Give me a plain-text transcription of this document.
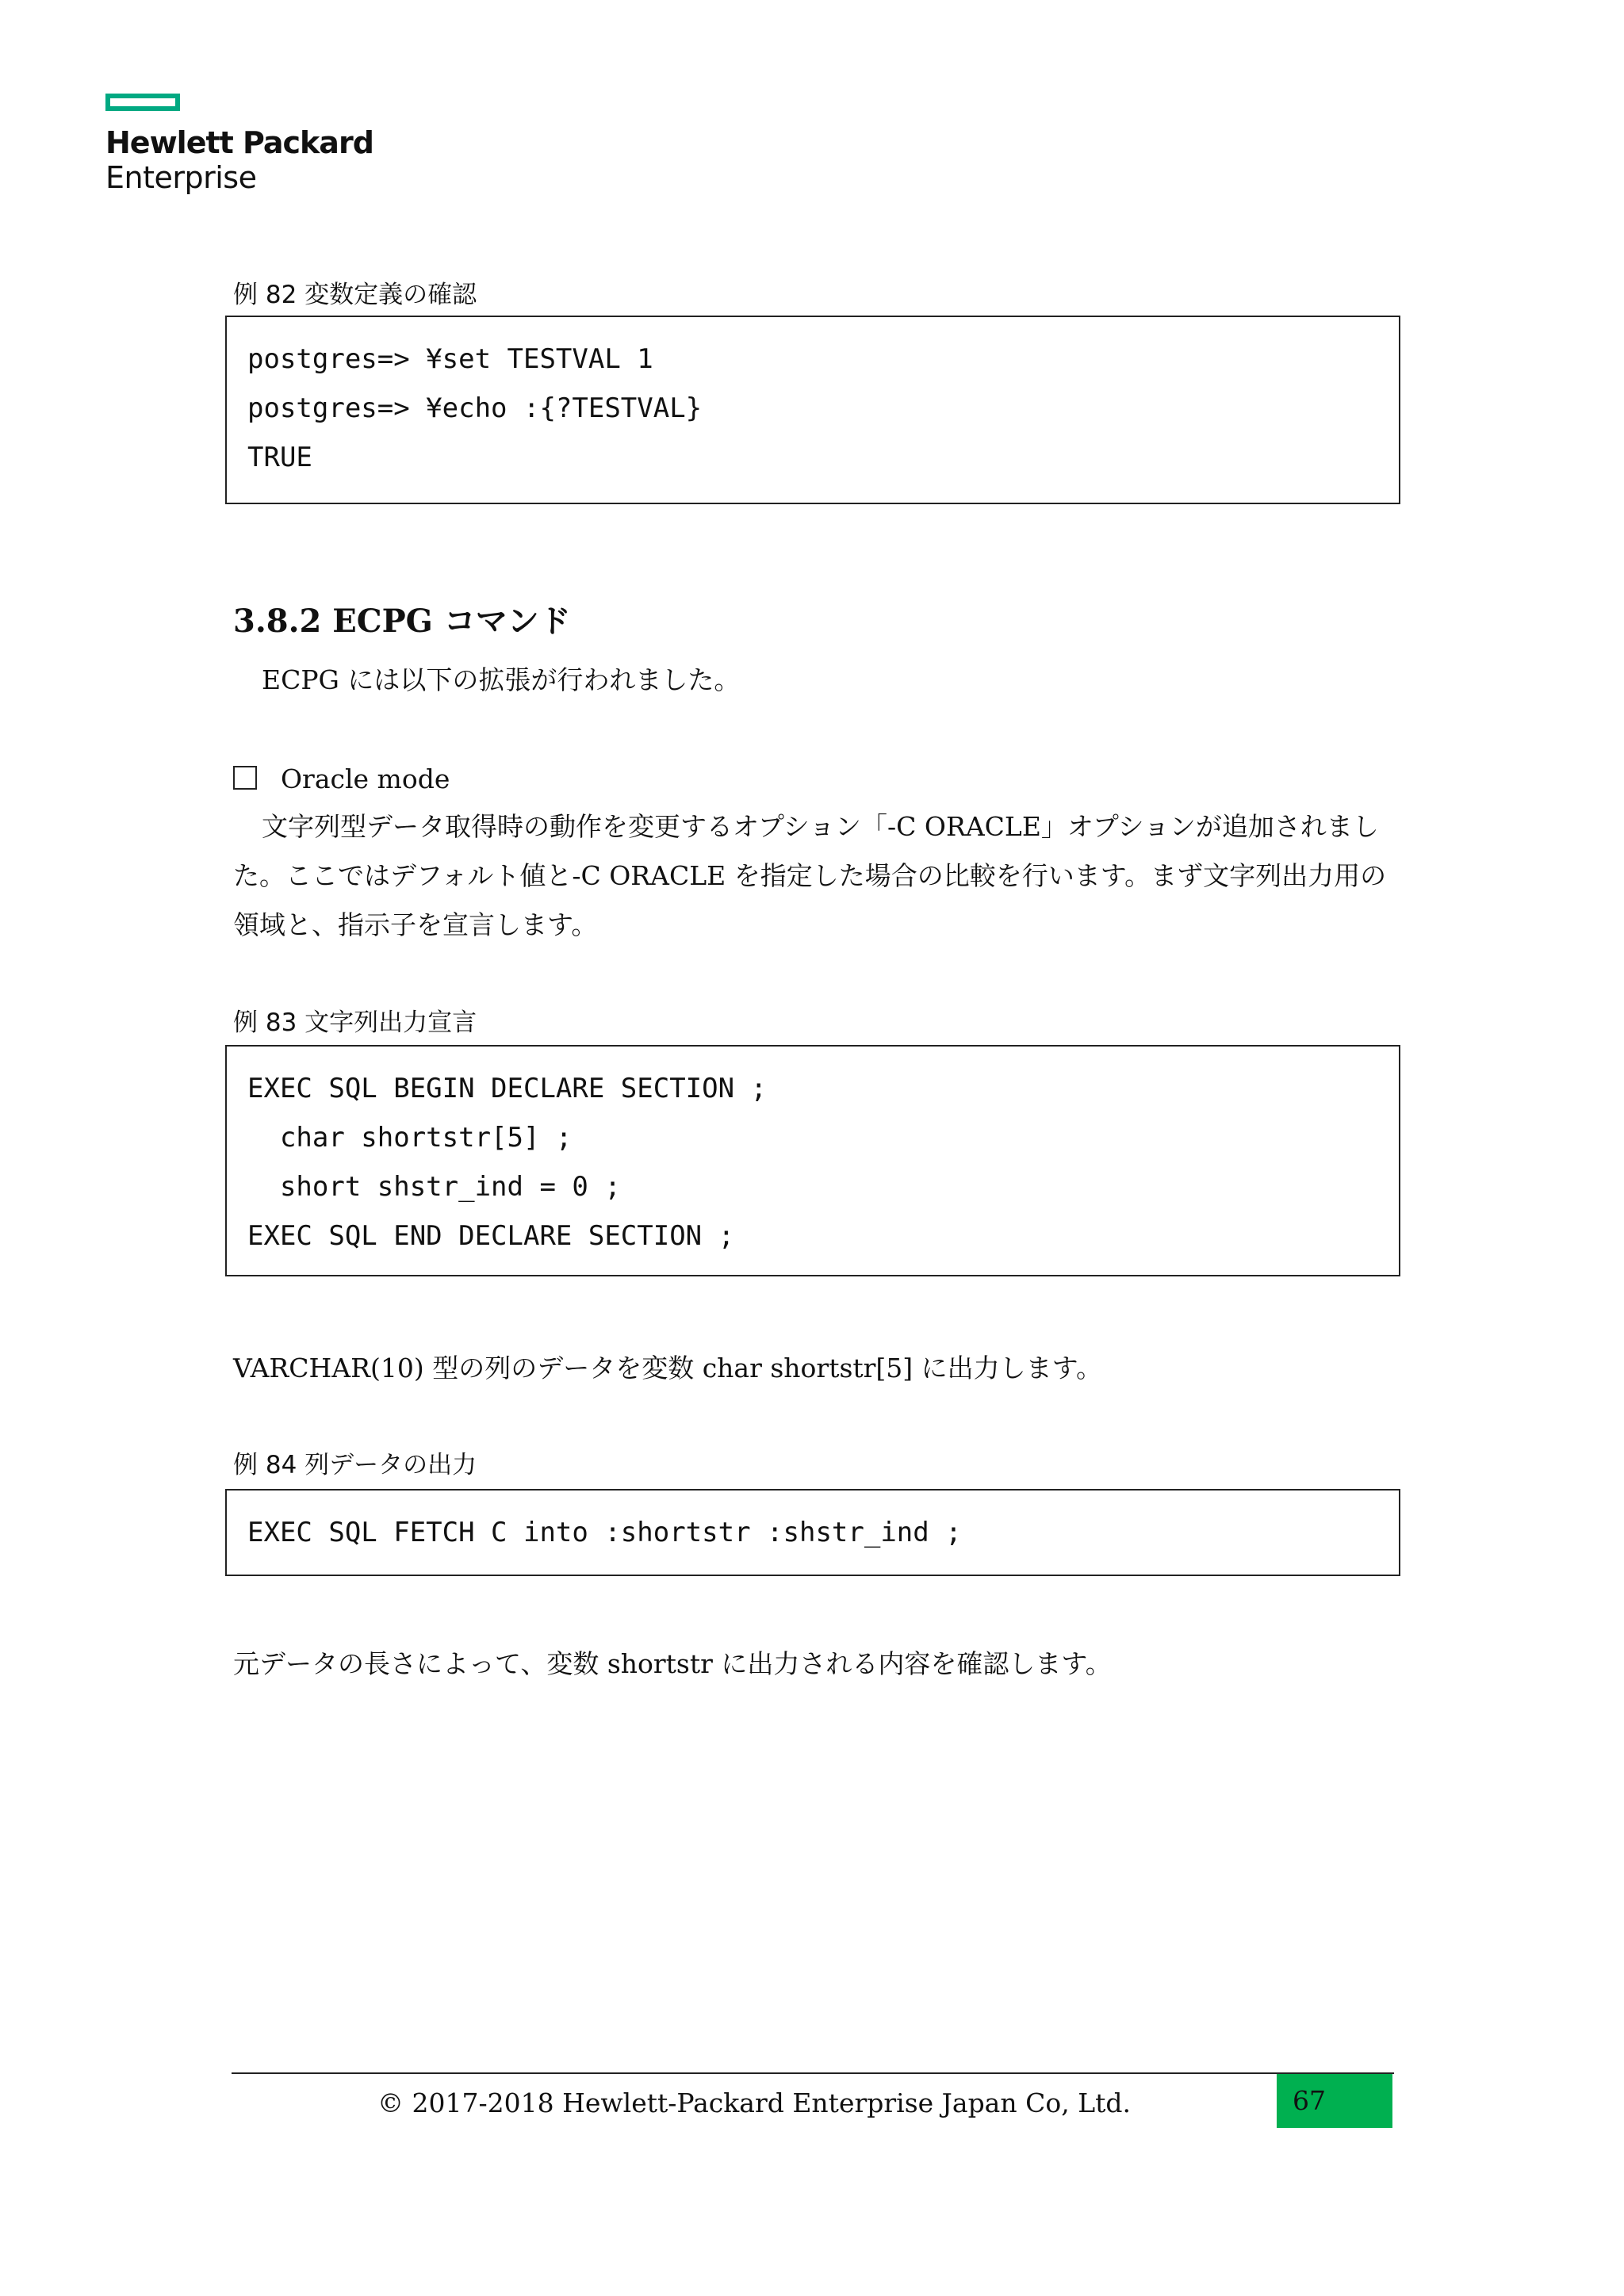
Hewlett Packard
Enterprise
例 82 変数定義の確認
postgres=> ¥set TESTVAL 1
postgres=> ¥echo :{?TESTVAL}
TRUE
3.8.2 ECPG コマンド
ECPG には以下の拡張が行われました。
Oracle mode
文字列型データ取得時の動作を変更するオプション「-C ORACLE」オプションが追加されました。ここではデフォルト値と-C ORACLE を指定した場合の比較を行います。まず文字列出力用の領域と、指示子を宣言します。
例 83 文字列出力宣言
EXEC SQL BEGIN DECLARE SECTION ;
char shortstr[5] ;
short shstr_ind = 0 ;
EXEC SQL END DECLARE SECTION ;
VARCHAR(10) 型の列のデータを変数 char shortstr[5] に出力します。
例 84 列データの出力
EXEC SQL FETCH C into :shortstr :shstr_ind ;
元データの長さによって、変数 shortstr に出力される内容を確認します。
© 2017-2018 Hewlett-Packard Enterprise Japan Co, Ltd.	67
